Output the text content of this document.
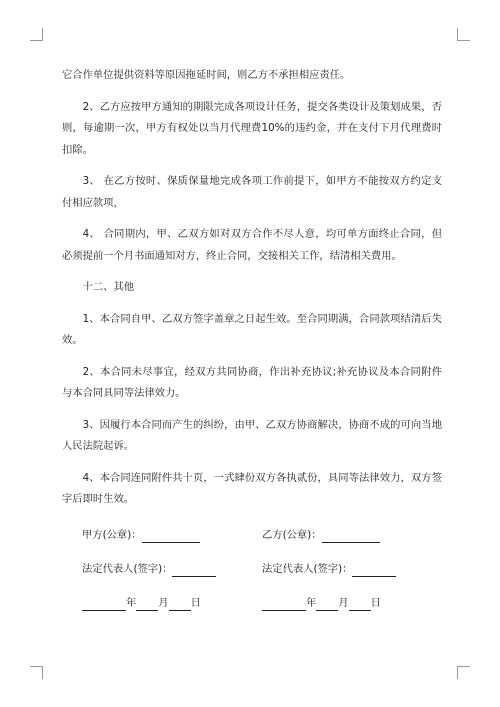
它合作单位提供资料等原因拖延时间，则乙方不承担相应责任。

2、乙方应按甲方通知的期限完成各项设计任务，提交各类设计及策划成果，否则，每逾期一次，甲方有权处以当月代理费10%的违约金，并在支付下月代理费时扣除。

3、 在乙方按时、保质保量地完成各项工作前提下，如甲方不能按双方约定支付相应款项，

4、 合同期内，甲、乙双方如对双方合作不尽人意，均可单方面终止合同，但必须提前一个月书面通知对方，终止合同，交接相关工作，结清相关费用。

十二、其他

1、本合同自甲、乙双方签字盖章之日起生效。至合同期满，合同款项结清后失效。

2、本合同未尽事宜，经双方共同协商，作出补充协议;补充协议及本合同附件与本合同具同等法律效力。

3、因履行本合同而产生的纠纷，由甲、乙双方协商解决，协商不成的可向当地人民法院起诉。

4、本合同连同附件共十页，一式肆份双方各执贰份，具同等法律效力，双方签字后即时生效。

甲方(公章)：	乙方(公章)：
法定代表人(签字)：	法定代表人(签字)：
年 月 日	年 月 日
